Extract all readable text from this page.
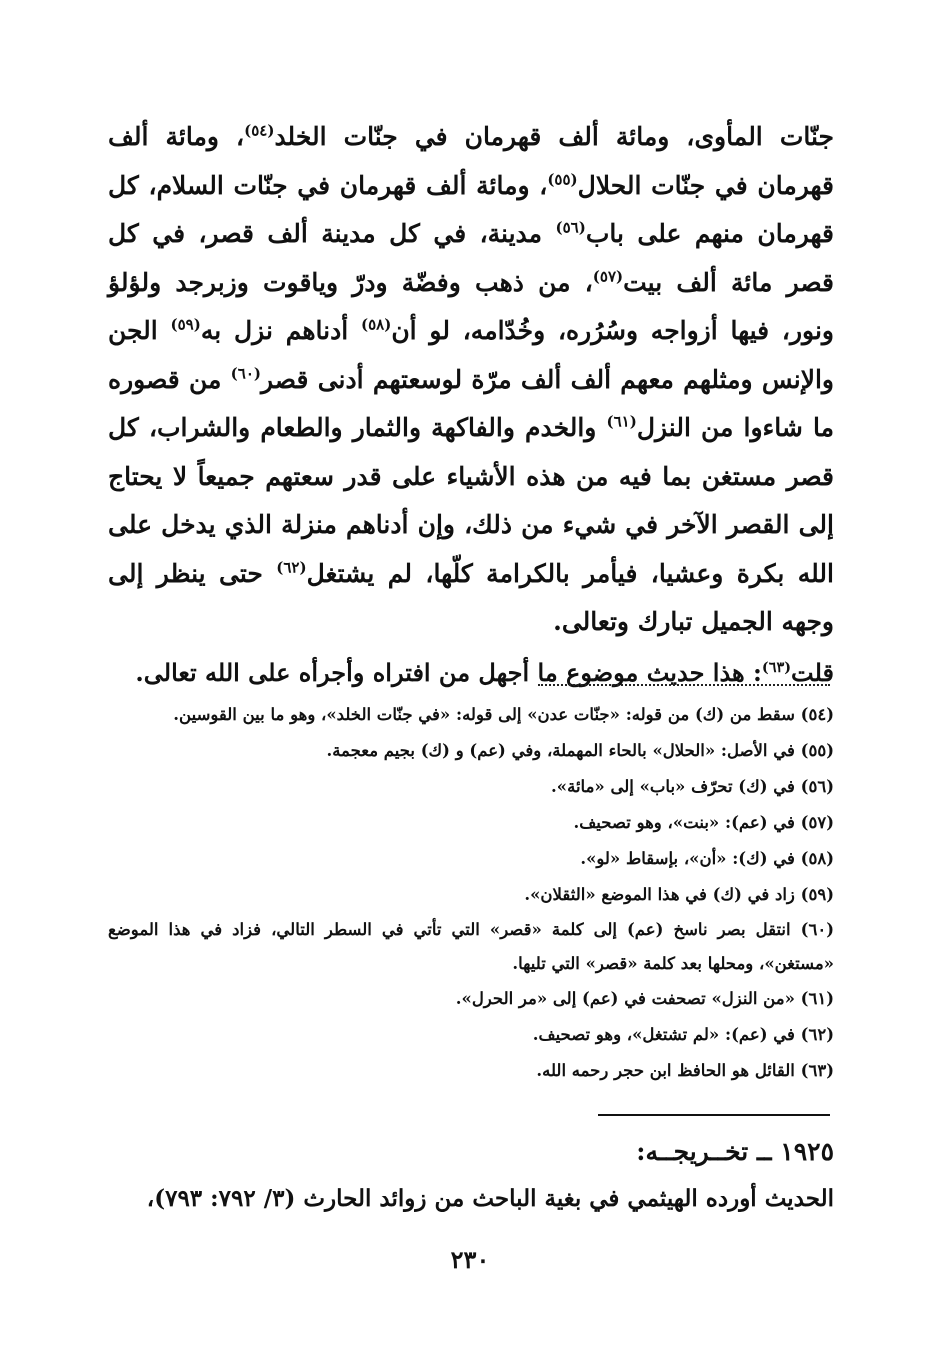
جنّات المأوى، ومائة ألف قهرمان في جنّات الخلد$^{(٥٤)}$، ومائة ألف قهرمان في جنّات الحلال$^{(٥٥)}$، ومائة ألف قهرمان في جنّات السلام، كل قهرمان منهم على باب$^{(٥٦)}$ مدينة، في كل مدينة ألف قصر، في كل قصر مائة ألف بيت$^{(٥٧)}$، من ذهب وفضّة ودرّ وياقوت وزبرجد ولؤلؤ ونور، فيها أزواجه وسُرُره، وخُدّامه، لو أن$^{(٥٨)}$ أدناهم نزل به$^{(٥٩)}$ الجن والإنس ومثلهم معهم ألف ألف مرّة لوسعتهم أدنى قصر$^{(٦٠)}$ من قصوره ما شاءوا من النزل$^{(٦١)}$ والخدم والفاكهة والثمار والطعام والشراب، كل قصر مستغن بما فيه من هذه الأشياء على قدر سعتهم جميعاً لا يحتاج إلى القصر الآخر في شيء من ذلك، وإن أدناهم منزلة الذي يدخل على الله بكرة وعشيا، فيأمر بالكرامة كلّها، لم يشتغل$^{(٦٢)}$ حتى ينظر إلى وجهه الجميل تبارك وتعالى.

قلت$^{(٦٣)}$: هذا حديث موضوع ما أجهل من افتراه وأجرأه على الله تعالى.

(٥٤) سقط من (ك) من قوله: «جنّات عدن» إلى قوله: «في جنّات الخلد»، وهو ما بين القوسين.

(٥٥) في الأصل: «الحلال» بالحاء المهملة، وفي (عم) و (ك) بجيم معجمة.

(٥٦) في (ك) تحرّف «باب» إلى «مائة».

(٥٧) في (عم): «بنت»، وهو تصحيف.

(٥٨) في (ك): «أن»، بإسقاط «لو».

(٥٩) زاد في (ك) في هذا الموضع «الثقلان».

(٦٠) انتقل بصر ناسخ (عم) إلى كلمة «قصر» التي تأتي في السطر التالي، فزاد في هذا الموضع «مستغن»، ومحلها بعد كلمة «قصر» التي تليها.

(٦١) «من النزل» تصحفت في (عم) إلى «مر الحرل».

(٦٢) في (عم): «لم تشتغل»، وهو تصحيف.

(٦٣) القائل هو الحافظ ابن حجر رحمه الله.

١٩٢٥ ــ تخــريجــه:
الحديث أورده الهيثمي في بغية الباحث من زوائد الحارث (٣/ ٧٩٢: ٧٩٣)،
٢٣٠
